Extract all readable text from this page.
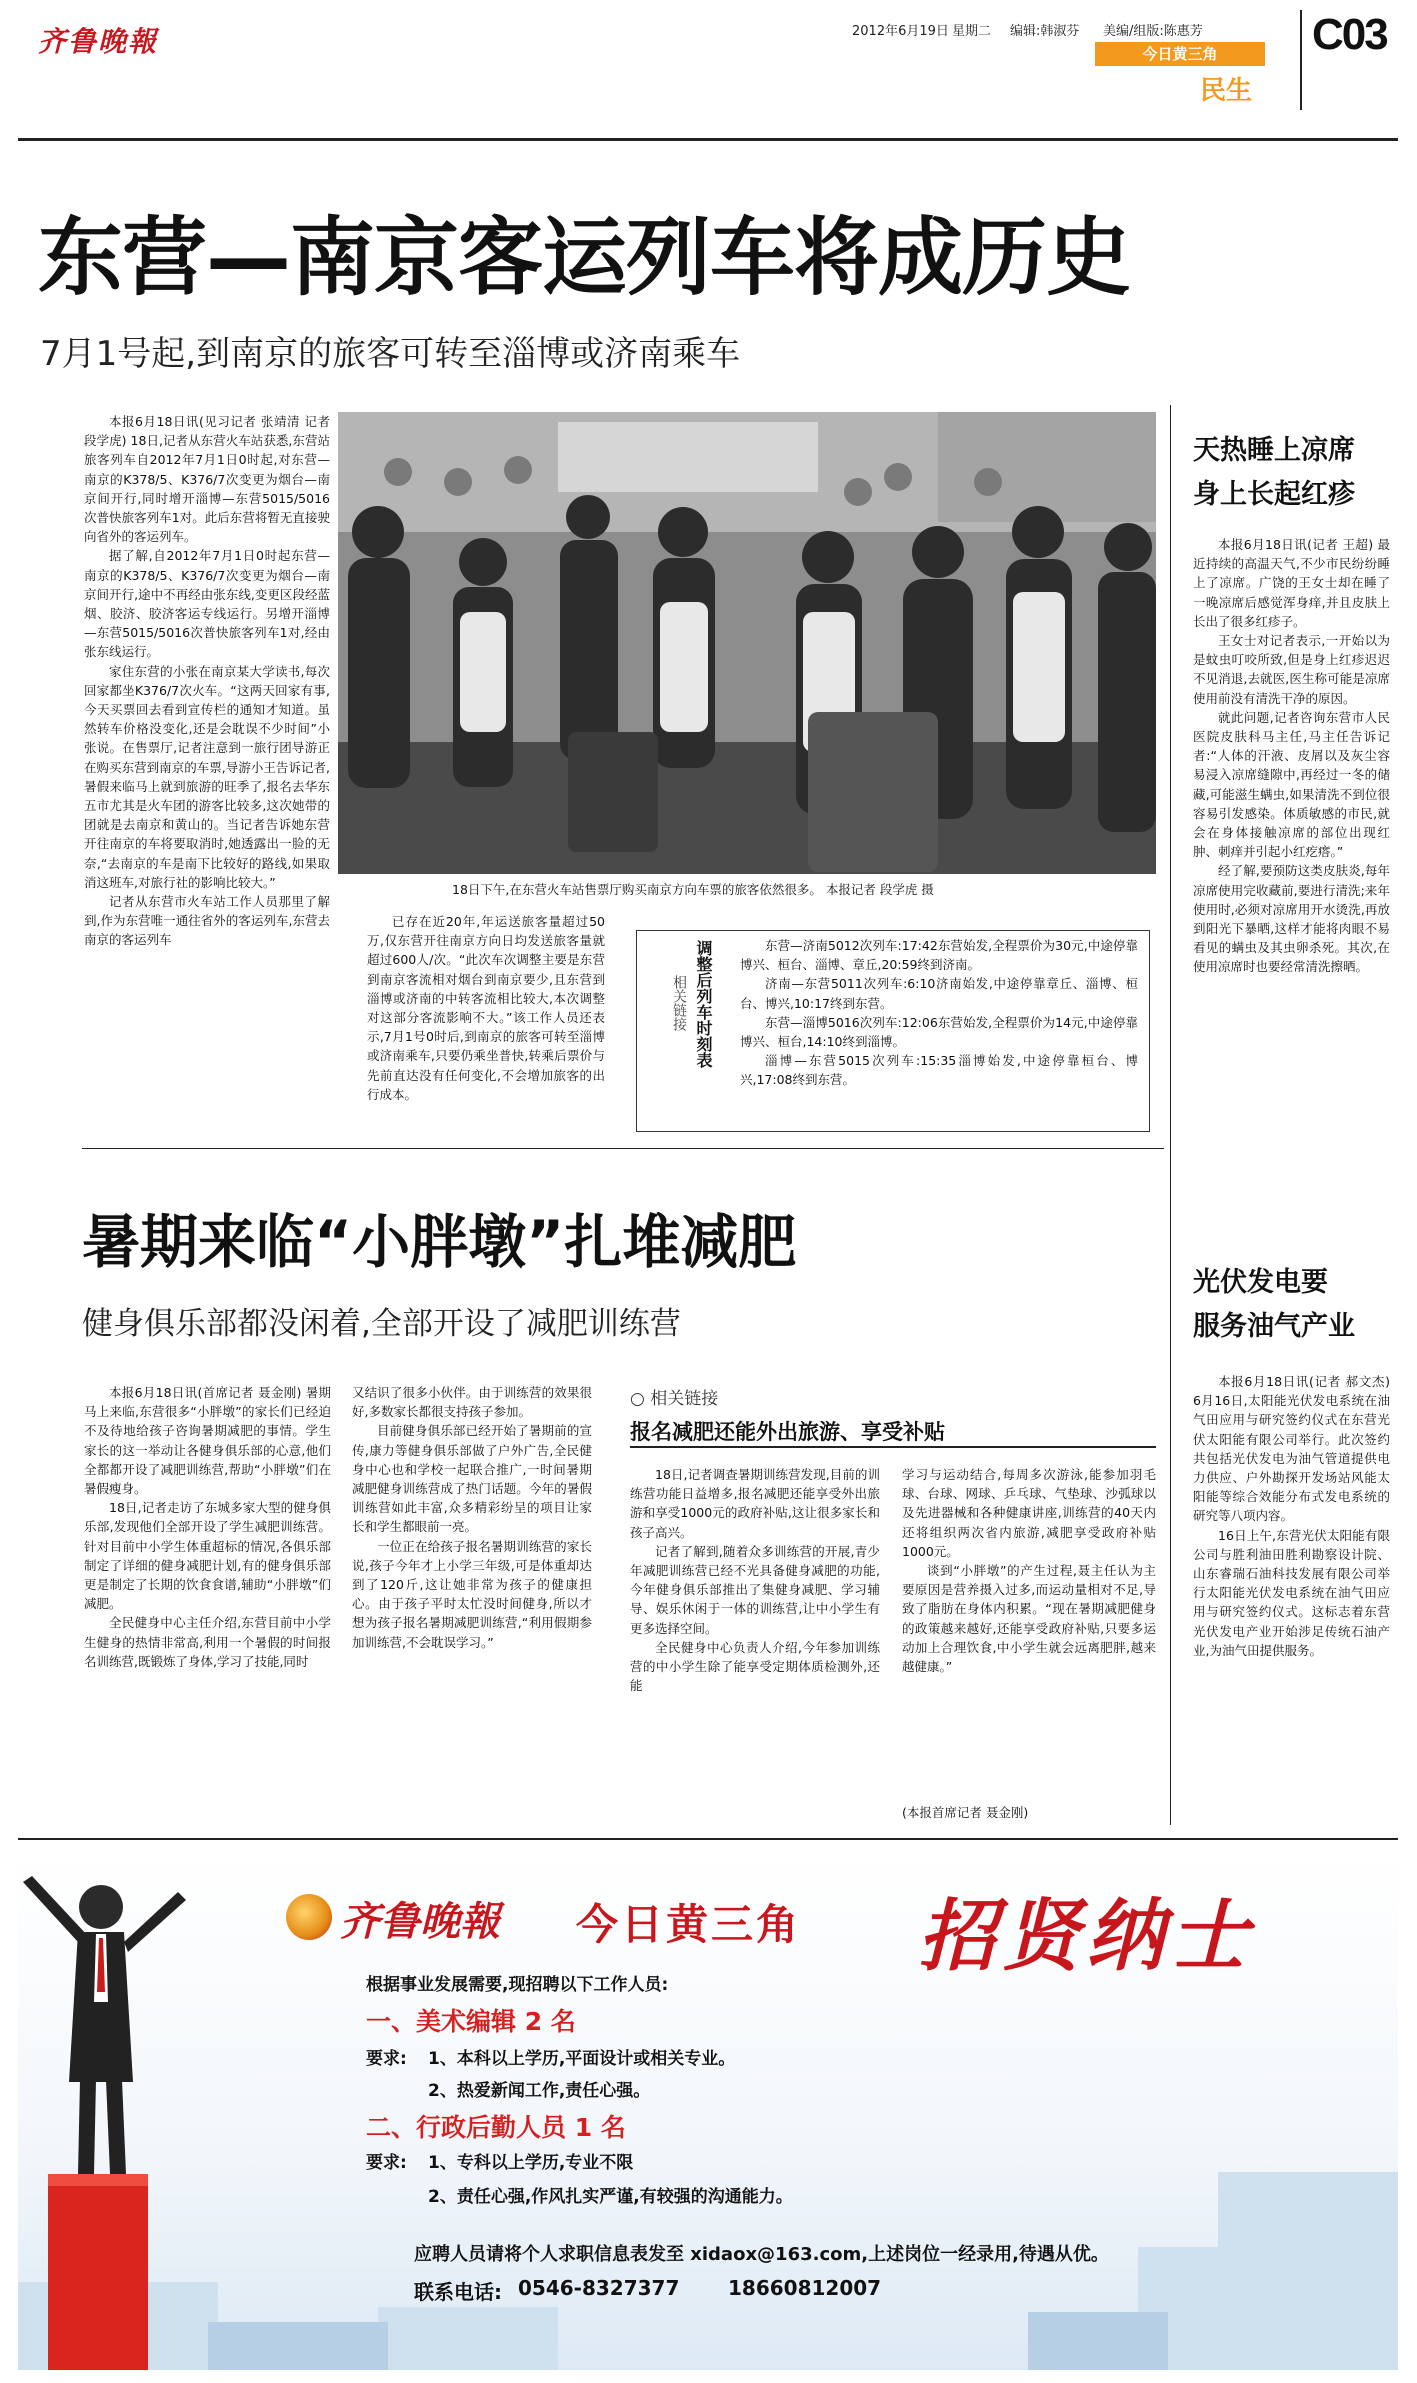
齐鲁晚報	2012年6月19日 星期二 编辑:韩淑芬 美编/组版:陈惠芳
今日黄三角
民生
C03
东营—南京客运列车将成历史
7月1号起,到南京的旅客可转至淄博或济南乘车

本报6月18日讯(见习记者 张靖清 记者 段学虎) 18日,记者从东营火车站获悉,东营站旅客列车自2012年7月1日0时起,对东营—南京的K378/5、K376/7次变更为烟台—南京间开行,同时增开淄博—东营5015/5016次普快旅客列车1对。此后东营将暂无直接驶向省外的客运列车。

据了解,自2012年7月1日0时起东营—南京的K378/5、K376/7次变更为烟台—南京间开行,途中不再经由张东线,变更区段经蓝烟、胶济、胶济客运专线运行。另增开淄博—东营5015/5016次普快旅客列车1对,经由张东线运行。

家住东营的小张在南京某大学读书,每次回家都坐K376/7次火车。“这两天回家有事,今天买票回去看到宣传栏的通知才知道。虽然转车价格没变化,还是会耽误不少时间”小张说。在售票厅,记者注意到一旅行团导游正在购买东营到南京的车票,导游小王告诉记者,暑假来临马上就到旅游的旺季了,报名去华东五市尤其是火车团的游客比较多,这次她带的团就是去南京和黄山的。当记者告诉她东营开往南京的车将要取消时,她透露出一脸的无奈,“去南京的车是南下比较好的路线,如果取消这班车,对旅行社的影响比较大。”

记者从东营市火车站工作人员那里了解到,作为东营唯一通往省外的客运列车,东营去南京的客运列车

18日下午,在东营火车站售票厅购买南京方向车票的旅客依然很多。 本报记者 段学虎 摄

已存在近20年,年运送旅客量超过50万,仅东营开往南京方向日均发送旅客量就超过600人/次。“此次车次调整主要是东营到南京客流相对烟台到南京要少,且东营到淄博或济南的中转客流相比较大,本次调整对这部分客流影响不大。”该工作人员还表示,7月1号0时后,到南京的旅客可转至淄博或济南乘车,只要仍乘坐普快,转乘后票价与先前直达没有任何变化,不会增加旅客的出行成本。

调整后列车时刻表
相关链接

东营—济南5012次列车:17:42东营始发,全程票价为30元,中途停靠博兴、桓台、淄博、章丘,20:59终到济南。

济南—东营5011次列车:6:10济南始发,中途停靠章丘、淄博、桓台、博兴,10:17终到东营。

东营—淄博5016次列车:12:06东营始发,全程票价为14元,中途停靠博兴、桓台,14:10终到淄博。

淄博—东营5015次列车:15:35淄博始发,中途停靠桓台、博兴,17:08终到东营。

暑期来临“小胖墩”扎堆减肥
健身俱乐部都没闲着,全部开设了减肥训练营

本报6月18日讯(首席记者 聂金刚) 暑期马上来临,东营很多“小胖墩”的家长们已经迫不及待地给孩子咨询暑期减肥的事情。学生家长的这一举动让各健身俱乐部的心意,他们全都都开设了减肥训练营,帮助“小胖墩”们在暑假瘦身。

18日,记者走访了东城多家大型的健身俱乐部,发现他们全部开设了学生减肥训练营。针对目前中小学生体重超标的情况,各俱乐部制定了详细的健身减肥计划,有的健身俱乐部更是制定了长期的饮食食谱,辅助“小胖墩”们减肥。

全民健身中心主任介绍,东营目前中小学生健身的热情非常高,利用一个暑假的时间报名训练营,既锻炼了身体,学习了技能,同时

又结识了很多小伙伴。由于训练营的效果很好,多数家长都很支持孩子参加。

目前健身俱乐部已经开始了暑期前的宣传,康力等健身俱乐部做了户外广告,全民健身中心也和学校一起联合推广,一时间暑期减肥健身训练营成了热门话题。今年的暑假训练营如此丰富,众多精彩纷呈的项目让家长和学生都眼前一亮。

一位正在给孩子报名暑期训练营的家长说,孩子今年才上小学三年级,可是体重却达到了120斤,这让她非常为孩子的健康担心。由于孩子平时太忙没时间健身,所以才想为孩子报名暑期减肥训练营,“利用假期参加训练营,不会耽误学习。”

○ 相关链接
报名减肥还能外出旅游、享受补贴

18日,记者调查暑期训练营发现,目前的训练营功能日益增多,报名减肥还能享受外出旅游和享受1000元的政府补贴,这让很多家长和孩子高兴。

记者了解到,随着众多训练营的开展,青少年减肥训练营已经不光具备健身减肥的功能,今年健身俱乐部推出了集健身减肥、学习辅导、娱乐休闲于一体的训练营,让中小学生有更多选择空间。

全民健身中心负责人介绍,今年参加训练营的中小学生除了能享受定期体质检测外,还能

学习与运动结合,每周多次游泳,能参加羽毛球、台球、网球、乒乓球、气垫球、沙弧球以及先进器械和各种健康讲座,训练营的40天内还将组织两次省内旅游,减肥享受政府补贴1000元。

谈到“小胖墩”的产生过程,聂主任认为主要原因是营养摄入过多,而运动量相对不足,导致了脂肪在身体内积累。“现在暑期减肥健身的政策越来越好,还能享受政府补贴,只要多运动加上合理饮食,中小学生就会远离肥胖,越来越健康。”

(本报首席记者 聂金刚)
天热睡上凉席
身上长起红疹

本报6月18日讯(记者 王超) 最近持续的高温天气,不少市民纷纷睡上了凉席。广饶的王女士却在睡了一晚凉席后感觉浑身痒,并且皮肤上长出了很多红疹子。

王女士对记者表示,一开始以为是蚊虫叮咬所致,但是身上红疹迟迟不见消退,去就医,医生称可能是凉席使用前没有清洗干净的原因。

就此问题,记者咨询东营市人民医院皮肤科马主任,马主任告诉记者:“人体的汗液、皮屑以及灰尘容易浸入凉席缝隙中,再经过一冬的储藏,可能滋生螨虫,如果清洗不到位很容易引发感染。体质敏感的市民,就会在身体接触凉席的部位出现红肿、刺痒并引起小红疙瘩。”

经了解,要预防这类皮肤炎,每年凉席使用完收藏前,要进行清洗;来年使用时,必须对凉席用开水烫洗,再放到阳光下暴晒,这样才能将肉眼不易看见的螨虫及其虫卵杀死。其次,在使用凉席时也要经常清洗擦晒。

光伏发电要
服务油气产业

本报6月18日讯(记者 郝文杰) 6月16日,太阳能光伏发电系统在油气田应用与研究签约仪式在东营光伏太阳能有限公司举行。此次签约共包括光伏发电为油气管道提供电力供应、户外勘探开发场站风能太阳能等综合效能分布式发电系统的研究等八项内容。

16日上午,东营光伏太阳能有限公司与胜利油田胜利勘察设计院、山东睿瑞石油科技发展有限公司举行太阳能光伏发电系统在油气田应用与研究签约仪式。这标志着东营光伏发电产业开始涉足传统石油产业,为油气田提供服务。

齐鲁晚報 今日黄三角 招贤纳士
根据事业发展需要,现招聘以下工作人员:
一、美术编辑 2 名
要求: 1、本科以上学历,平面设计或相关专业。
2、热爱新闻工作,责任心强。
二、行政后勤人员 1 名
要求: 1、专科以上学历,专业不限
2、责任心强,作风扎实严谨,有较强的沟通能力。
应聘人员请将个人求职信息表发至 xidaox@163.com,上述岗位一经录用,待遇从优。
联系电话: 0546-8327377 18660812007
